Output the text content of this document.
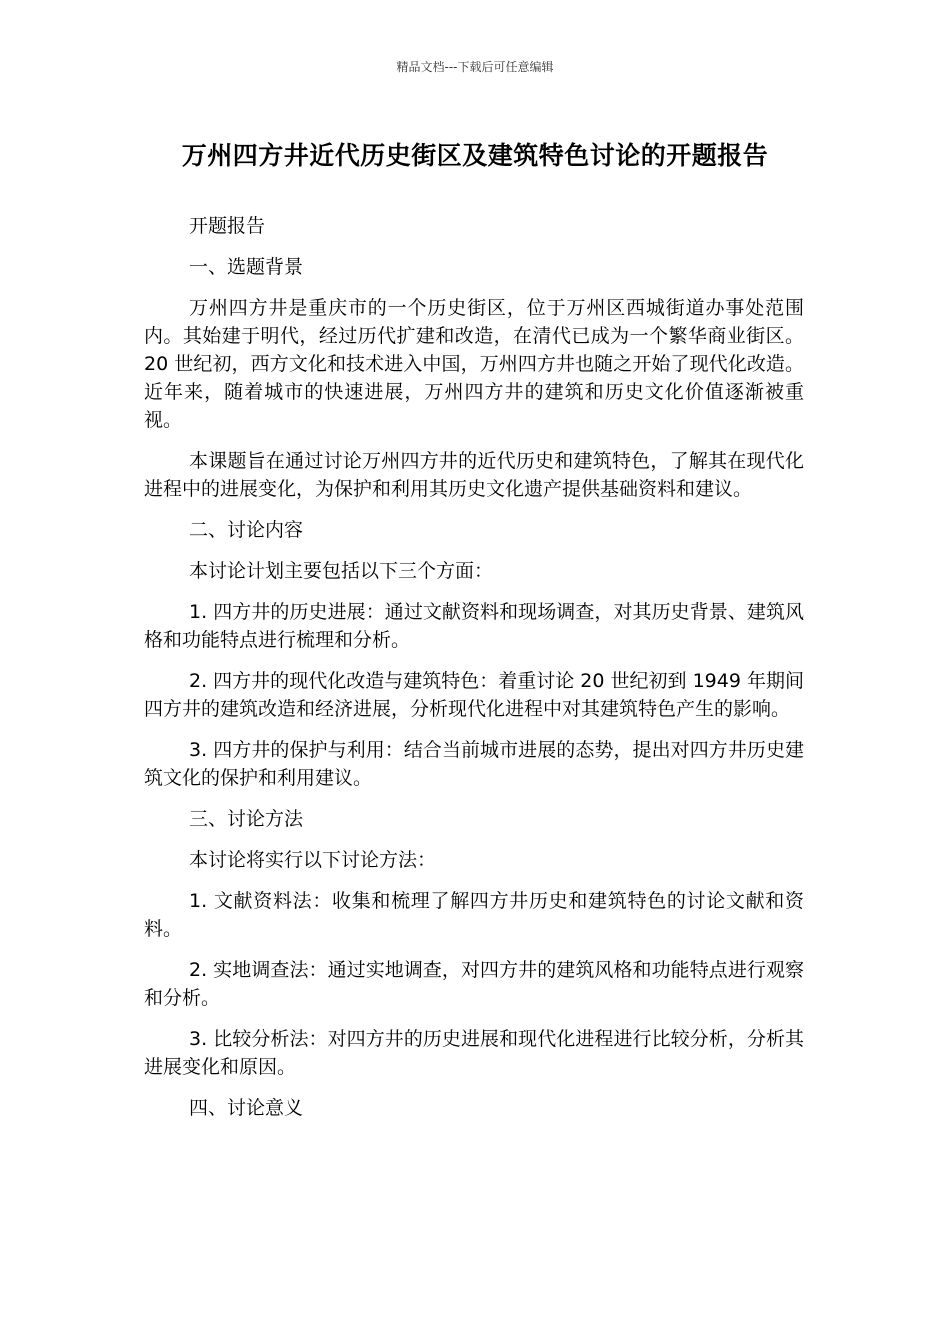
精品文档---下载后可任意编辑
万州四方井近代历史街区及建筑特色讨论的开题报告

开题报告

一、选题背景

万州四方井是重庆市的一个历史街区，位于万州区西城街道办事处范围内。其始建于明代，经过历代扩建和改造，在清代已成为一个繁华商业街区。20 世纪初，西方文化和技术进入中国，万州四方井也随之开始了现代化改造。近年来，随着城市的快速进展，万州四方井的建筑和历史文化价值逐渐被重视。

本课题旨在通过讨论万州四方井的近代历史和建筑特色，了解其在现代化进程中的进展变化，为保护和利用其历史文化遗产提供基础资料和建议。

二、讨论内容

本讨论计划主要包括以下三个方面：

1. 四方井的历史进展：通过文献资料和现场调查，对其历史背景、建筑风格和功能特点进行梳理和分析。

2. 四方井的现代化改造与建筑特色：着重讨论 20 世纪初到 1949 年期间四方井的建筑改造和经济进展，分析现代化进程中对其建筑特色产生的影响。

3. 四方井的保护与利用：结合当前城市进展的态势，提出对四方井历史建筑文化的保护和利用建议。

三、讨论方法

本讨论将实行以下讨论方法：

1. 文献资料法：收集和梳理了解四方井历史和建筑特色的讨论文献和资料。

2. 实地调查法：通过实地调查，对四方井的建筑风格和功能特点进行观察和分析。

3. 比较分析法：对四方井的历史进展和现代化进程进行比较分析，分析其进展变化和原因。

四、讨论意义
